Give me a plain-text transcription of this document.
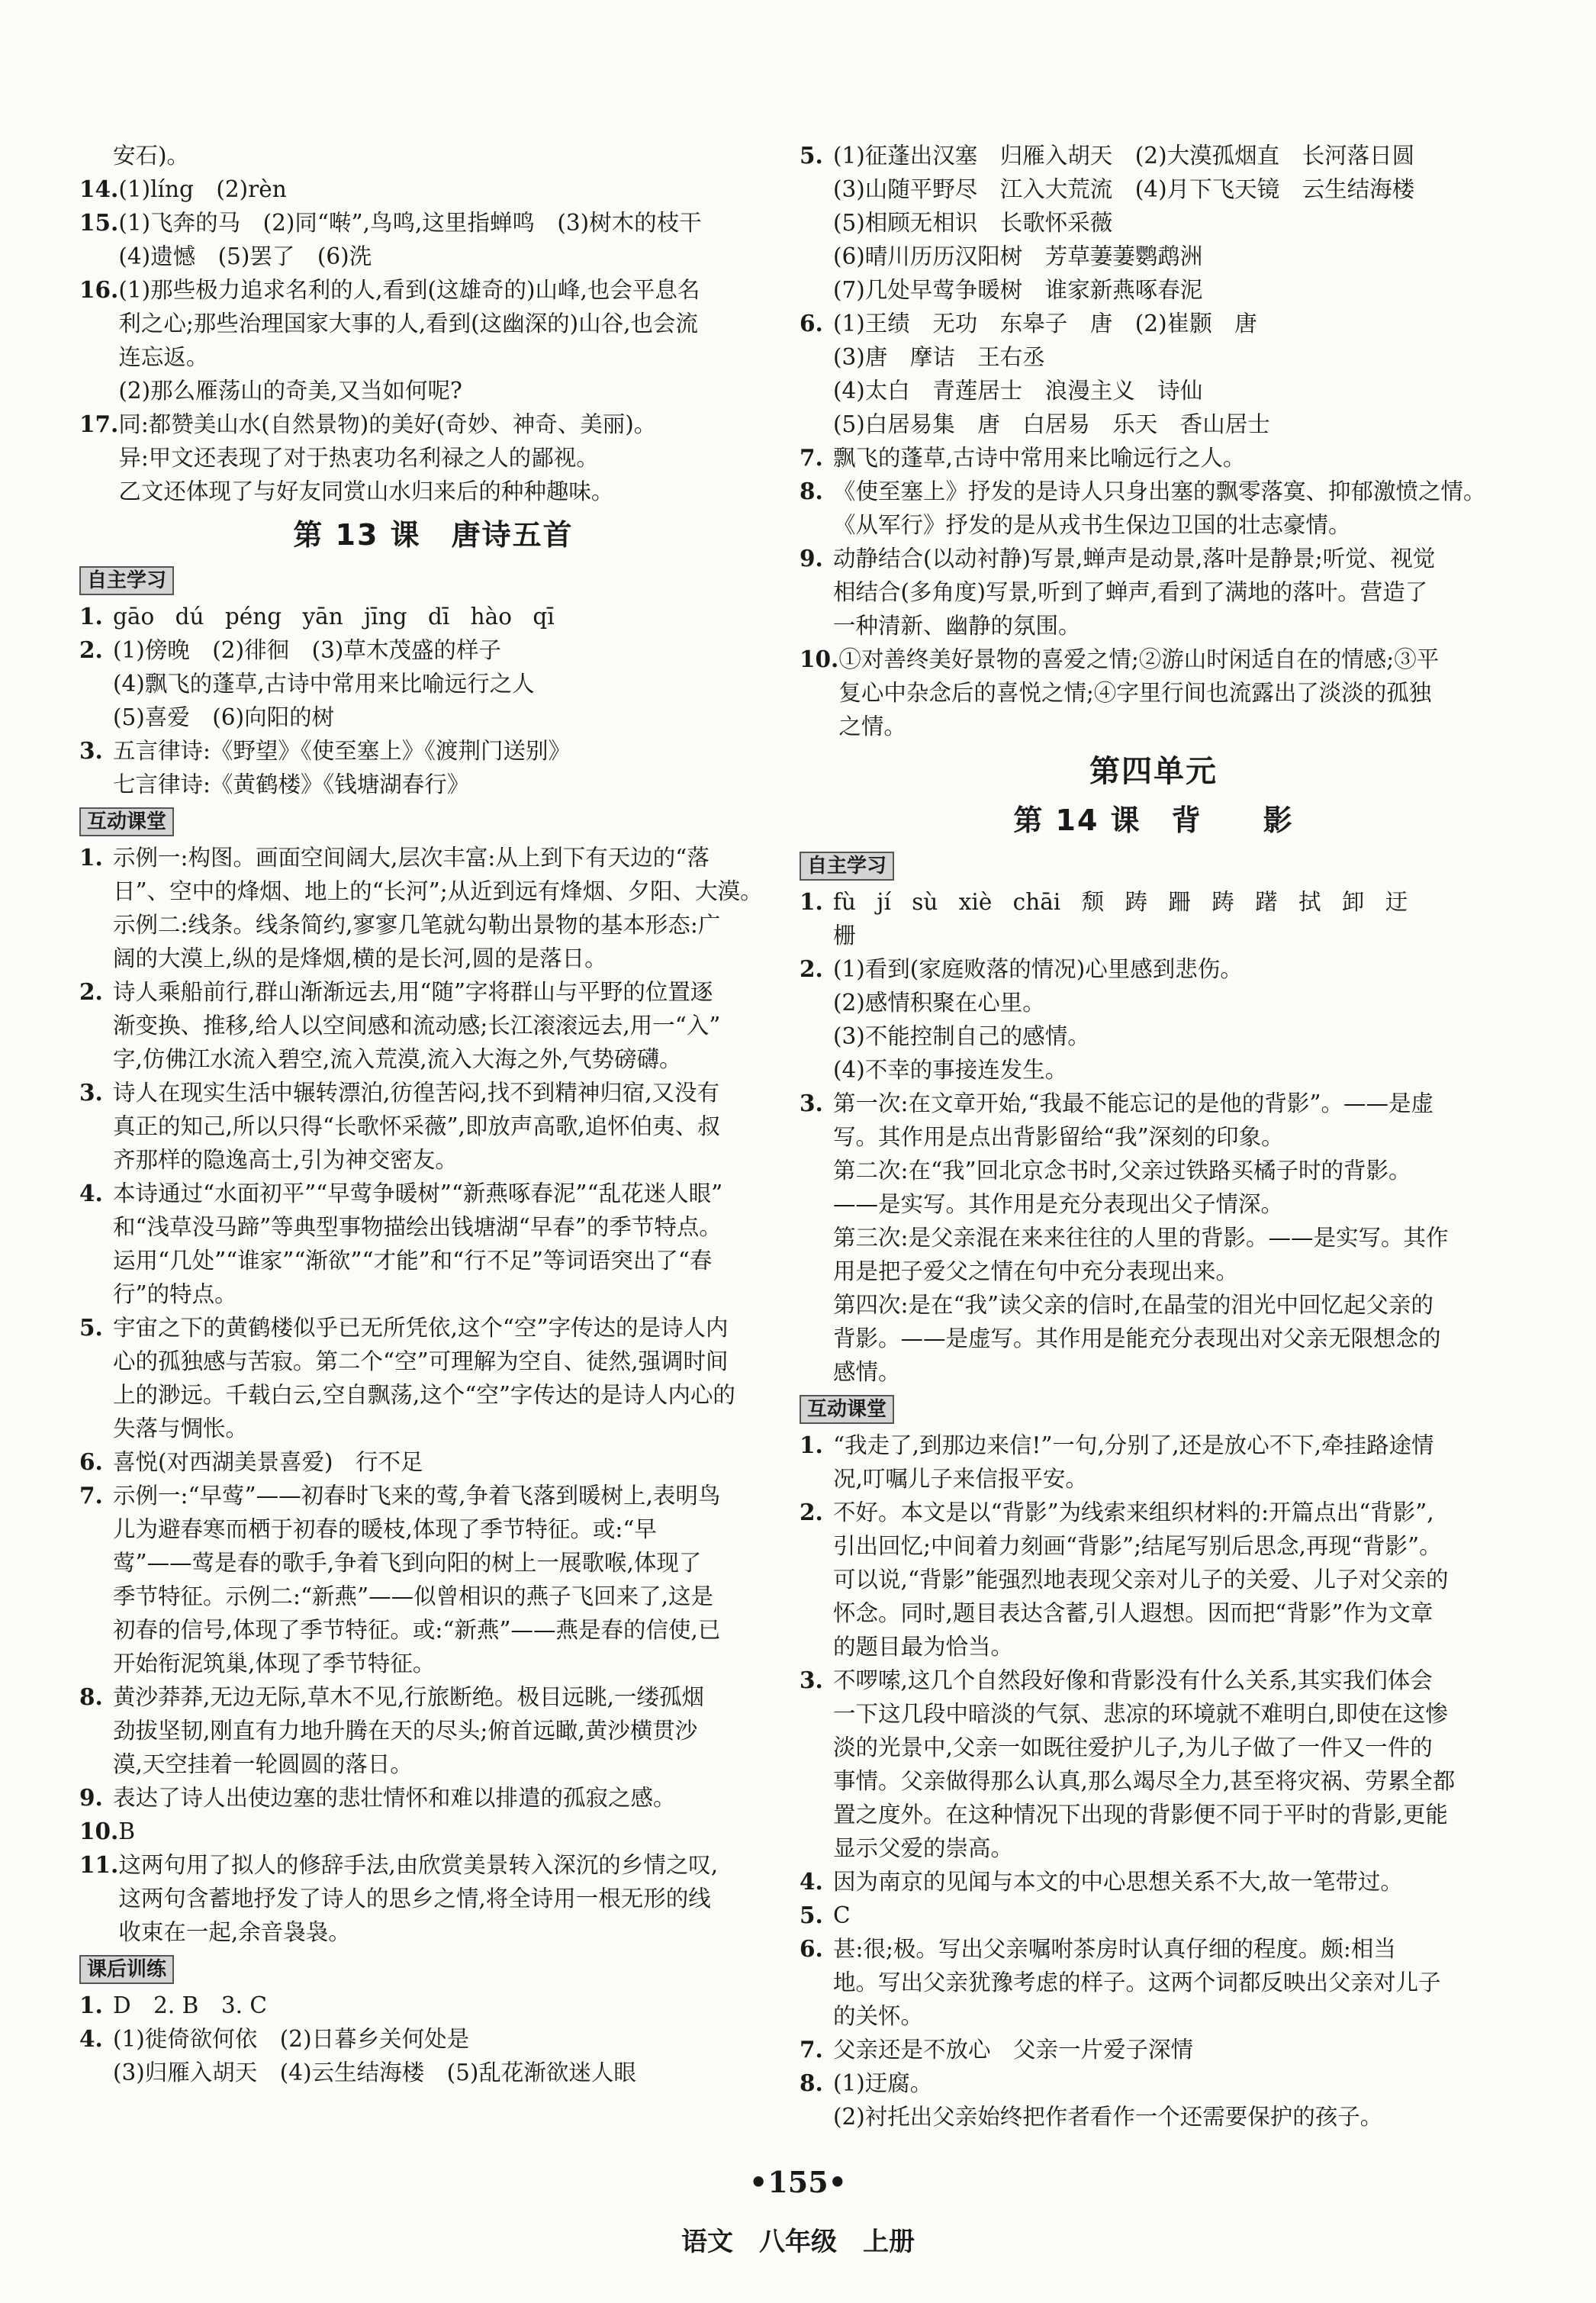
安石)。
14. (1)líng　(2)rèn
15. (1)飞奔的马　(2)同“啭”,鸟鸣,这里指蝉鸣　(3)树木的枝干
(4)遗憾　(5)罢了　(6)洗
16. (1)那些极力追求名利的人,看到(这雄奇的)山峰,也会平息名
利之心;那些治理国家大事的人,看到(这幽深的)山谷,也会流
连忘返。
(2)那么雁荡山的奇美,又当如何呢?
17. 同:都赞美山水(自然景物)的美好(奇妙、神奇、美丽)。
异:甲文还表现了对于热衷功名利禄之人的鄙视。
乙文还体现了与好友同赏山水归来后的种种趣味。
第 13 课　唐诗五首
自主学习
1. gāo dú péng yān jīng dī hào qī
2. (1)傍晚　(2)徘徊　(3)草木茂盛的样子
(4)飘飞的蓬草,古诗中常用来比喻远行之人
(5)喜爱　(6)向阳的树
3. 五言律诗:《野望》《使至塞上》《渡荆门送别》
七言律诗:《黄鹤楼》《钱塘湖春行》
互动课堂
1. 示例一:构图。画面空间阔大,层次丰富:从上到下有天边的“落
日”、空中的烽烟、地上的“长河”;从近到远有烽烟、夕阳、大漠。
示例二:线条。线条简约,寥寥几笔就勾勒出景物的基本形态:广
阔的大漠上,纵的是烽烟,横的是长河,圆的是落日。
2. 诗人乘船前行,群山渐渐远去,用“随”字将群山与平野的位置逐
渐变换、推移,给人以空间感和流动感;长江滚滚远去,用一“入”
字,仿佛江水流入碧空,流入荒漠,流入大海之外,气势磅礴。
3. 诗人在现实生活中辗转漂泊,彷徨苦闷,找不到精神归宿,又没有
真正的知己,所以只得“长歌怀采薇”,即放声高歌,追怀伯夷、叔
齐那样的隐逸高士,引为神交密友。
4. 本诗通过“水面初平”“早莺争暖树”“新燕啄春泥”“乱花迷人眼”
和“浅草没马蹄”等典型事物描绘出钱塘湖“早春”的季节特点。
运用“几处”“谁家”“渐欲”“才能”和“行不足”等词语突出了“春
行”的特点。
5. 宇宙之下的黄鹤楼似乎已无所凭依,这个“空”字传达的是诗人内
心的孤独感与苦寂。第二个“空”可理解为空自、徒然,强调时间
上的渺远。千载白云,空自飘荡,这个“空”字传达的是诗人内心的
失落与惆怅。
6. 喜悦(对西湖美景喜爱)　行不足
7. 示例一:“早莺”——初春时飞来的莺,争着飞落到暖树上,表明鸟
儿为避春寒而栖于初春的暖枝,体现了季节特征。或:“早
莺”——莺是春的歌手,争着飞到向阳的树上一展歌喉,体现了
季节特征。示例二:“新燕”——似曾相识的燕子飞回来了,这是
初春的信号,体现了季节特征。或:“新燕”——燕是春的信使,已
开始衔泥筑巢,体现了季节特征。
8. 黄沙莽莽,无边无际,草木不见,行旅断绝。极目远眺,一缕孤烟
劲拔坚韧,刚直有力地升腾在天的尽头;俯首远瞰,黄沙横贯沙
漠,天空挂着一轮圆圆的落日。
9. 表达了诗人出使边塞的悲壮情怀和难以排遣的孤寂之感。
10. B
11. 这两句用了拟人的修辞手法,由欣赏美景转入深沉的乡情之叹,
这两句含蓄地抒发了诗人的思乡之情,将全诗用一根无形的线
收束在一起,余音袅袅。
课后训练
1. D　2. B　3. C
4. (1)徙倚欲何依　(2)日暮乡关何处是
(3)归雁入胡天　(4)云生结海楼　(5)乱花渐欲迷人眼
5. (1)征蓬出汉塞　归雁入胡天　(2)大漠孤烟直　长河落日圆
(3)山随平野尽　江入大荒流　(4)月下飞天镜　云生结海楼
(5)相顾无相识　长歌怀采薇
(6)晴川历历汉阳树　芳草萋萋鹦鹉洲
(7)几处早莺争暖树　谁家新燕啄春泥
6. (1)王绩　无功　东皋子　唐　(2)崔颢　唐
(3)唐　摩诘　王右丞
(4)太白　青莲居士　浪漫主义　诗仙
(5)白居易集　唐　白居易　乐天　香山居士
7. 飘飞的蓬草,古诗中常用来比喻远行之人。
8. 《使至塞上》抒发的是诗人只身出塞的飘零落寞、抑郁激愤之情。
《从军行》抒发的是从戎书生保边卫国的壮志豪情。
9. 动静结合(以动衬静)写景,蝉声是动景,落叶是静景;听觉、视觉
相结合(多角度)写景,听到了蝉声,看到了满地的落叶。营造了
一种清新、幽静的氛围。
10. ①对善终美好景物的喜爱之情;②游山时闲适自在的情感;③平
复心中杂念后的喜悦之情;④字里行间也流露出了淡淡的孤独
之情。
第四单元
第 14 课　背　　影
自主学习
1. fù jí sù xiè chāi 颓 踌 跚 踌 躇 拭 卸 迂
栅
2. (1)看到(家庭败落的情况)心里感到悲伤。
(2)感情积聚在心里。
(3)不能控制自己的感情。
(4)不幸的事接连发生。
3. 第一次:在文章开始,“我最不能忘记的是他的背影”。——是虚
写。其作用是点出背影留给“我”深刻的印象。
第二次:在“我”回北京念书时,父亲过铁路买橘子时的背影。
——是实写。其作用是充分表现出父子情深。
第三次:是父亲混在来来往往的人里的背影。——是实写。其作
用是把子爱父之情在句中充分表现出来。
第四次:是在“我”读父亲的信时,在晶莹的泪光中回忆起父亲的
背影。——是虚写。其作用是能充分表现出对父亲无限想念的
感情。
互动课堂
1. “我走了,到那边来信!”一句,分别了,还是放心不下,牵挂路途情
况,叮嘱儿子来信报平安。
2. 不好。本文是以“背影”为线索来组织材料的:开篇点出“背影”,
引出回忆;中间着力刻画“背影”;结尾写别后思念,再现“背影”。
可以说,“背影”能强烈地表现父亲对儿子的关爱、儿子对父亲的
怀念。同时,题目表达含蓄,引人遐想。因而把“背影”作为文章
的题目最为恰当。
3. 不啰嗦,这几个自然段好像和背影没有什么关系,其实我们体会
一下这几段中暗淡的气氛、悲凉的环境就不难明白,即使在这惨
淡的光景中,父亲一如既往爱护儿子,为儿子做了一件又一件的
事情。父亲做得那么认真,那么竭尽全力,甚至将灾祸、劳累全都
置之度外。在这种情况下出现的背影便不同于平时的背影,更能
显示父爱的崇高。
4. 因为南京的见闻与本文的中心思想关系不大,故一笔带过。
5. C
6. 甚:很;极。写出父亲嘱咐茶房时认真仔细的程度。颇:相当
地。写出父亲犹豫考虑的样子。这两个词都反映出父亲对儿子
的关怀。
7. 父亲还是不放心　父亲一片爱子深情
8. (1)迂腐。
(2)衬托出父亲始终把作者看作一个还需要保护的孩子。
•155•
语文　八年级　上册
